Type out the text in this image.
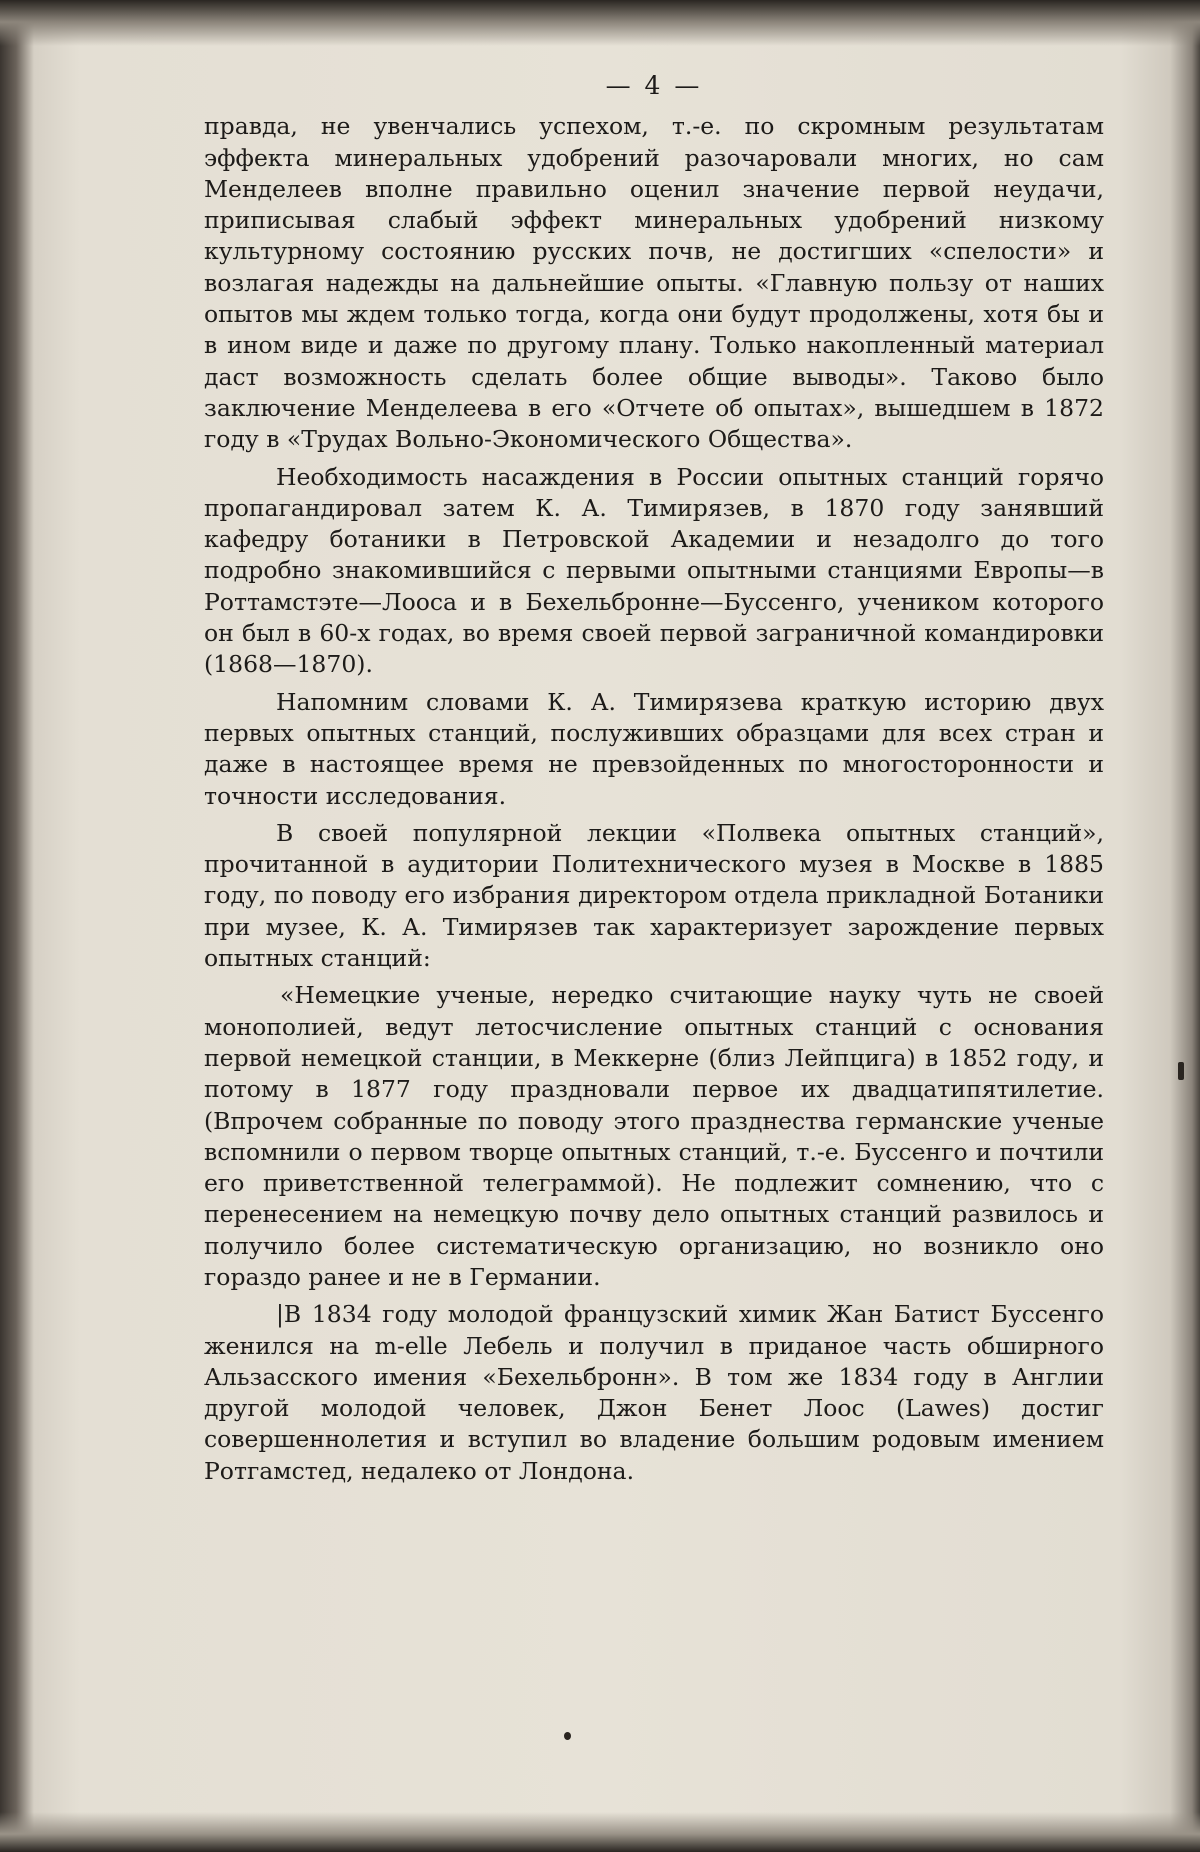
— 4 —

правда, не увенчались успехом, т.-е. по скромным результатам эффекта минеральных удобрений разочаровали многих, но сам Менделеев вполне правильно оценил значение первой неудачи, приписывая слабый эффект минеральных удобрений низкому культурному состоянию русских почв, не достигших «спелости» и возлагая надежды на дальнейшие опыты. «Главную пользу от наших опытов мы ждем только тогда, когда они будут продолжены, хотя бы и в ином виде и даже по другому плану. Только накопленный материал даст возможность сделать более общие выводы». Таково было заключение Менделеева в его «Отчете об опытах», вышедшем в 1872 году в «Трудах Вольно-Экономического Общества».

Необходимость насаждения в России опытных станций горячо пропагандировал затем К. А. Тимирязев, в 1870 году занявший кафедру ботаники в Петровской Академии и незадолго до того подробно знакомившийся с первыми опытными станциями Европы—в Роттамстэте—Лооса и в Бехельбронне—Буссенго, учеником которого он был в 60-х годах, во время своей первой заграничной командировки (1868—1870).

Напомним словами К. А. Тимирязева краткую историю двух первых опытных станций, послуживших образцами для всех стран и даже в настоящее время не превзойденных по многосторонности и точности исследования.

В своей популярной лекции «Полвека опытных станций», прочитанной в аудитории Политехнического музея в Москве в 1885 году, по поводу его избрания директором отдела прикладной Ботаники при музее, К. А. Тимирязев так характеризует зарождение первых опытных станций:

«Немецкие ученые, нередко считающие науку чуть не своей монополией, ведут летосчисление опытных станций с основания первой немецкой станции, в Меккерне (близ Лейпцига) в 1852 году, и потому в 1877 году праздновали первое их двадцатипятилетие. (Впрочем собранные по поводу этого празднества германские ученые вспомнили о первом творце опытных станций, т.-е. Буссенго и почтили его приветственной телеграммой). Не подлежит сомнению, что с перенесением на немецкую почву дело опытных станций развилось и получило более систематическую организацию, но возникло оно гораздо ранее и не в Германии.

|В 1834 году молодой французский химик Жан Батист Буссенго женился на m-elle Лебель и получил в приданое часть обширного Альзасского имения «Бехельбронн». В том же 1834 году в Англии другой молодой человек, Джон Бенет Лоос (Lawes) достиг совершеннолетия и вступил во владение большим родовым имением Ротгамстед, недалеко от Лондона.
